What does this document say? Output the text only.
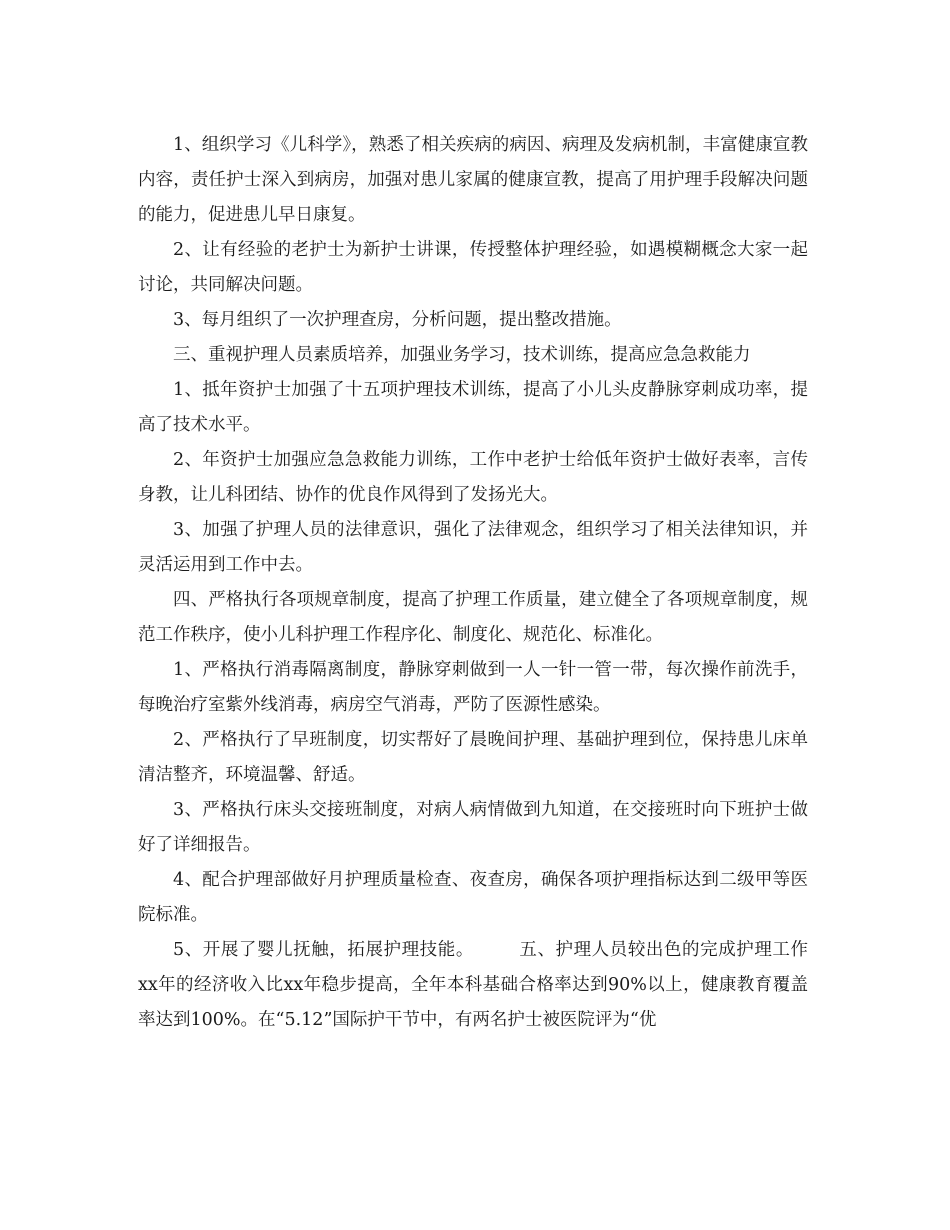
1、组织学习《儿科学》，熟悉了相关疾病的病因、病理及发病机制，丰富健康宣教内容，责任护士深入到病房，加强对患儿家属的健康宣教，提高了用护理手段解决问题的能力，促进患儿早日康复。

2、让有经验的老护士为新护士讲课，传授整体护理经验，如遇模糊概念大家一起讨论，共同解决问题。

3、每月组织了一次护理查房，分析问题，提出整改措施。

三、重视护理人员素质培养，加强业务学习，技术训练，提高应急急救能力

1、抵年资护士加强了十五项护理技术训练，提高了小儿头皮静脉穿刺成功率，提高了技术水平。

2、年资护士加强应急急救能力训练，工作中老护士给低年资护士做好表率，言传身教，让儿科团结、协作的优良作风得到了发扬光大。

3、加强了护理人员的法律意识，强化了法律观念，组织学习了相关法律知识，并灵活运用到工作中去。

四、严格执行各项规章制度，提高了护理工作质量，建立健全了各项规章制度，规范工作秩序，使小儿科护理工作程序化、制度化、规范化、标准化。

1、严格执行消毒隔离制度，静脉穿刺做到一人一针一管一带，每次操作前洗手，每晚治疗室紫外线消毒，病房空气消毒，严防了医源性感染。

2、严格执行了早班制度，切实帮好了晨晚间护理、基础护理到位，保持患儿床单清洁整齐，环境温馨、舒适。

3、严格执行床头交接班制度，对病人病情做到九知道，在交接班时向下班护士做好了详细报告。

4、配合护理部做好月护理质量检查、夜查房，确保各项护理指标达到二级甲等医院标准。

5、开展了婴儿抚触，拓展护理技能。　　　五、护理人员较出色的完成护理工作　　xx年的经济收入比xx年稳步提高，全年本科基础合格率达到90%以上，健康教育覆盖率达到100%。在“5.12”国际护干节中，有两名护士被医院评为“优
